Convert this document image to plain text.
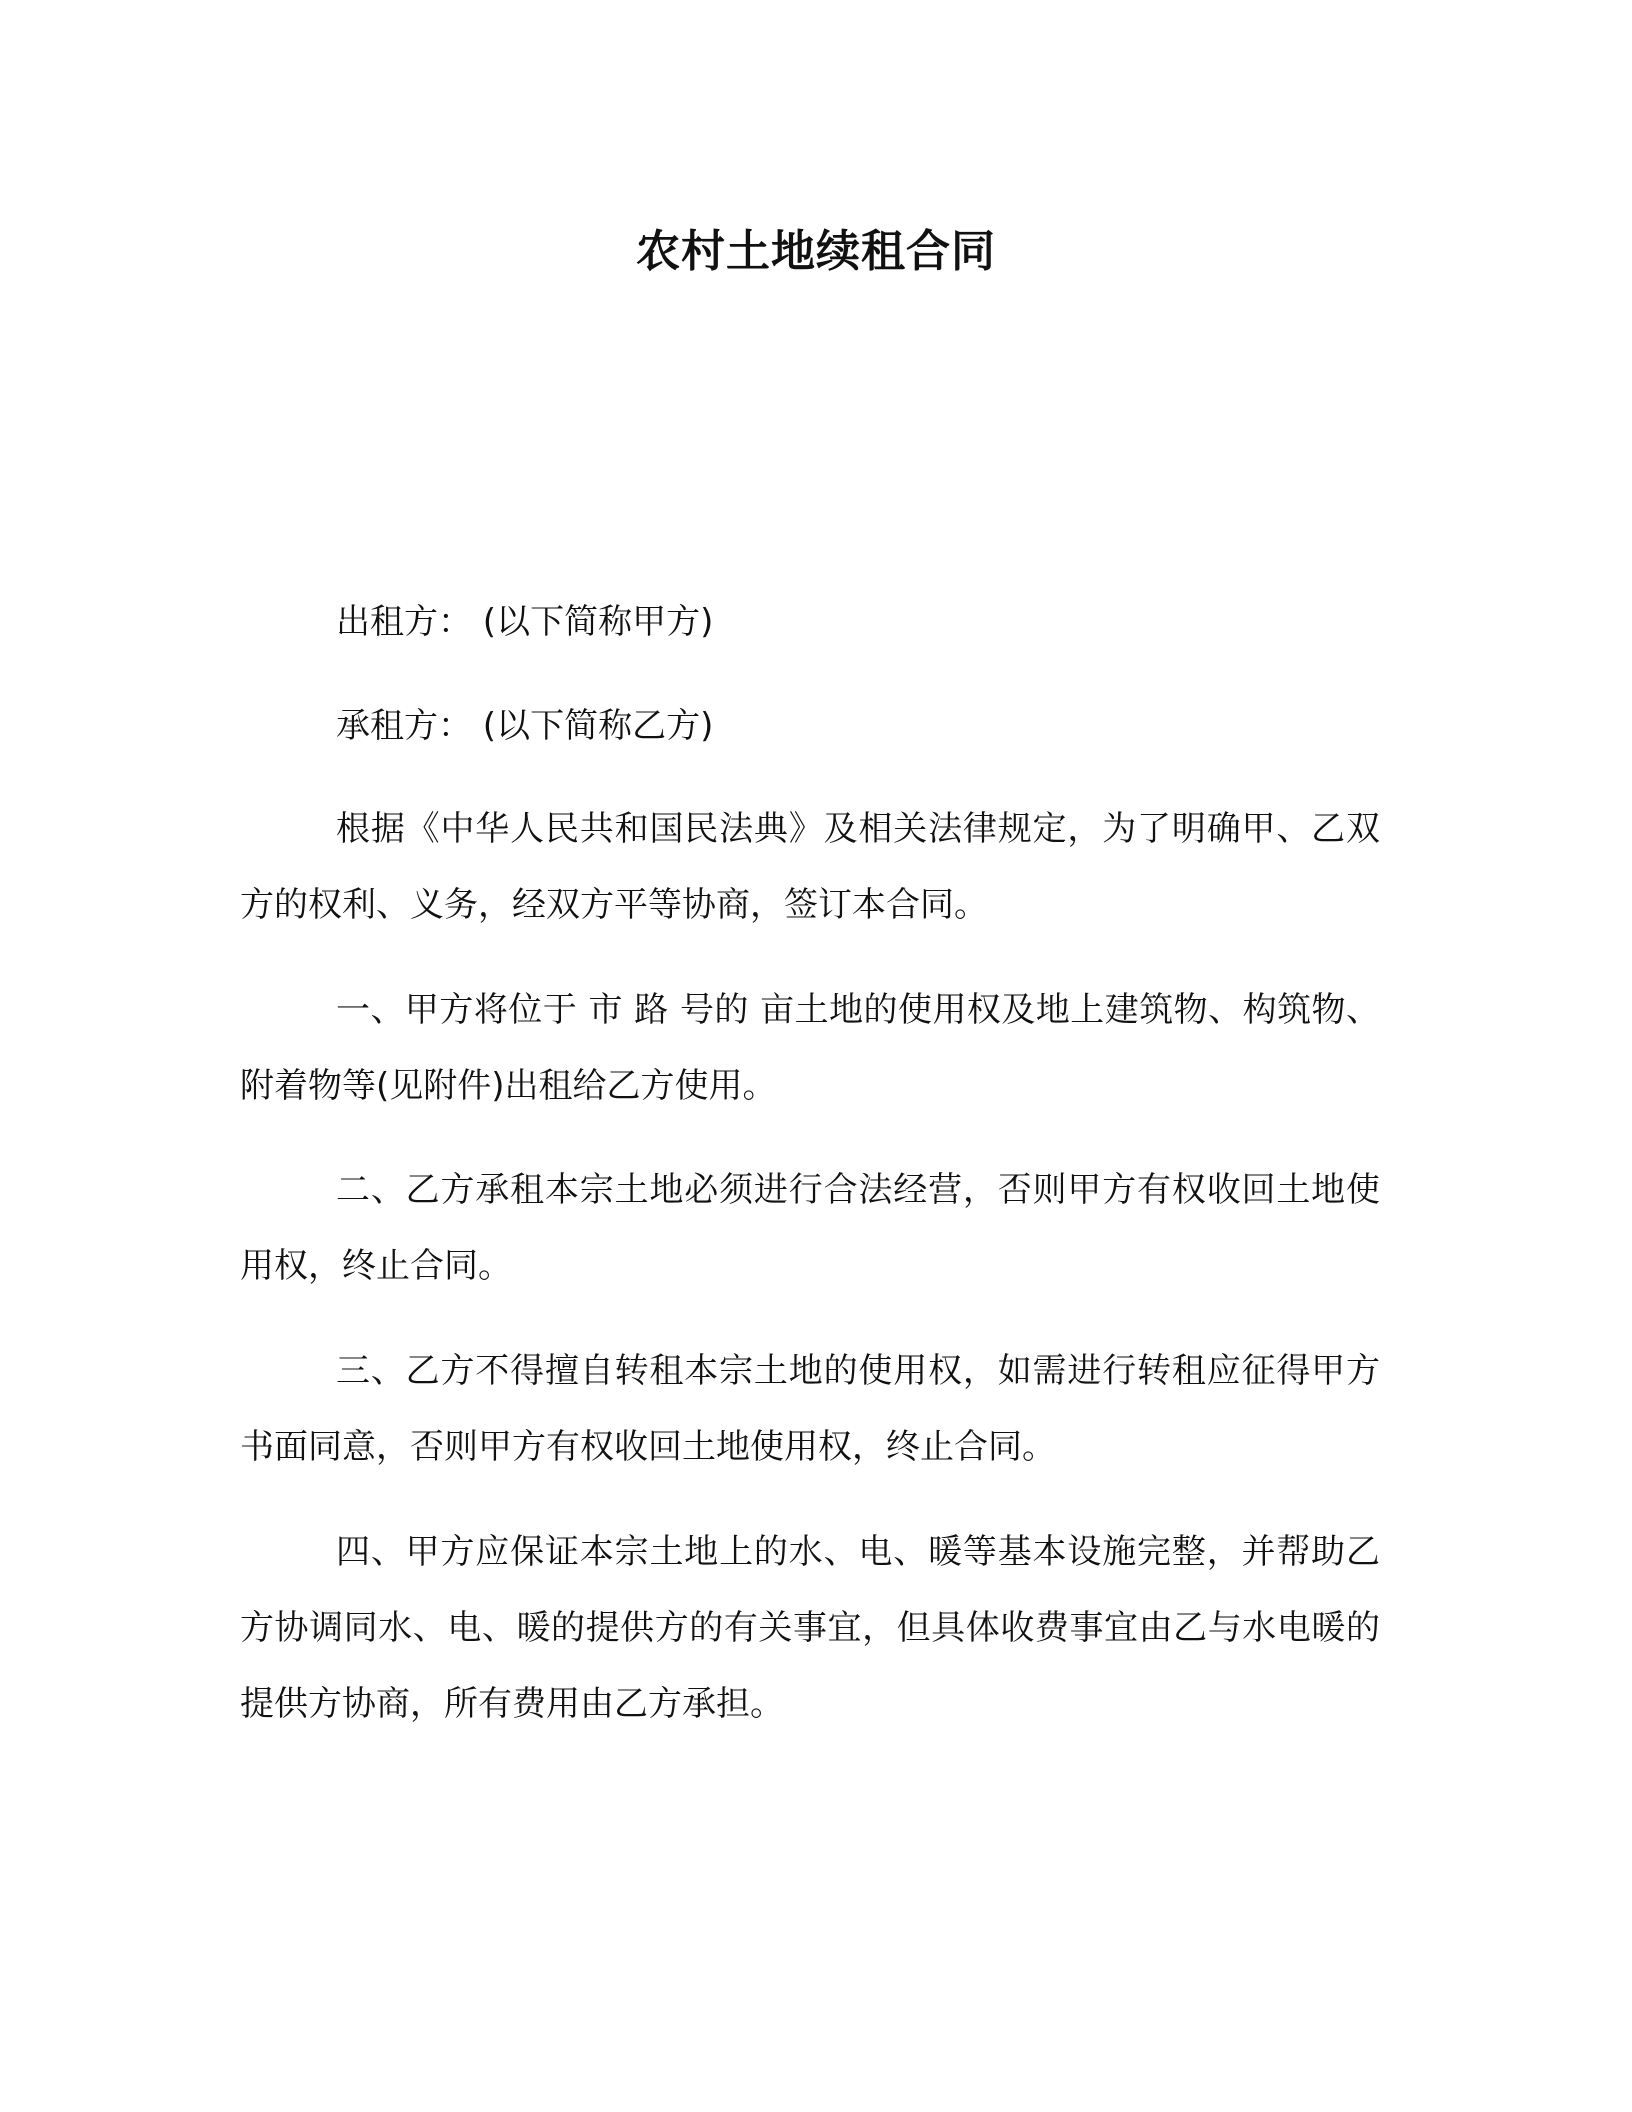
农村土地续租合同

出租方： (以下简称甲方)

承租方： (以下简称乙方)

根据《中华人民共和国民法典》及相关法律规定，为了明确甲、乙双方的权利、义务，经双方平等协商，签订本合同。

一、甲方将位于 市 路 号的 亩土地的使用权及地上建筑物、构筑物、附着物等(见附件)出租给乙方使用。

二、乙方承租本宗土地必须进行合法经营，否则甲方有权收回土地使用权，终止合同。

三、乙方不得擅自转租本宗土地的使用权，如需进行转租应征得甲方书面同意，否则甲方有权收回土地使用权，终止合同。

四、甲方应保证本宗土地上的水、电、暖等基本设施完整，并帮助乙方协调同水、电、暖的提供方的有关事宜，但具体收费事宜由乙与水电暖的提供方协商，所有费用由乙方承担。
